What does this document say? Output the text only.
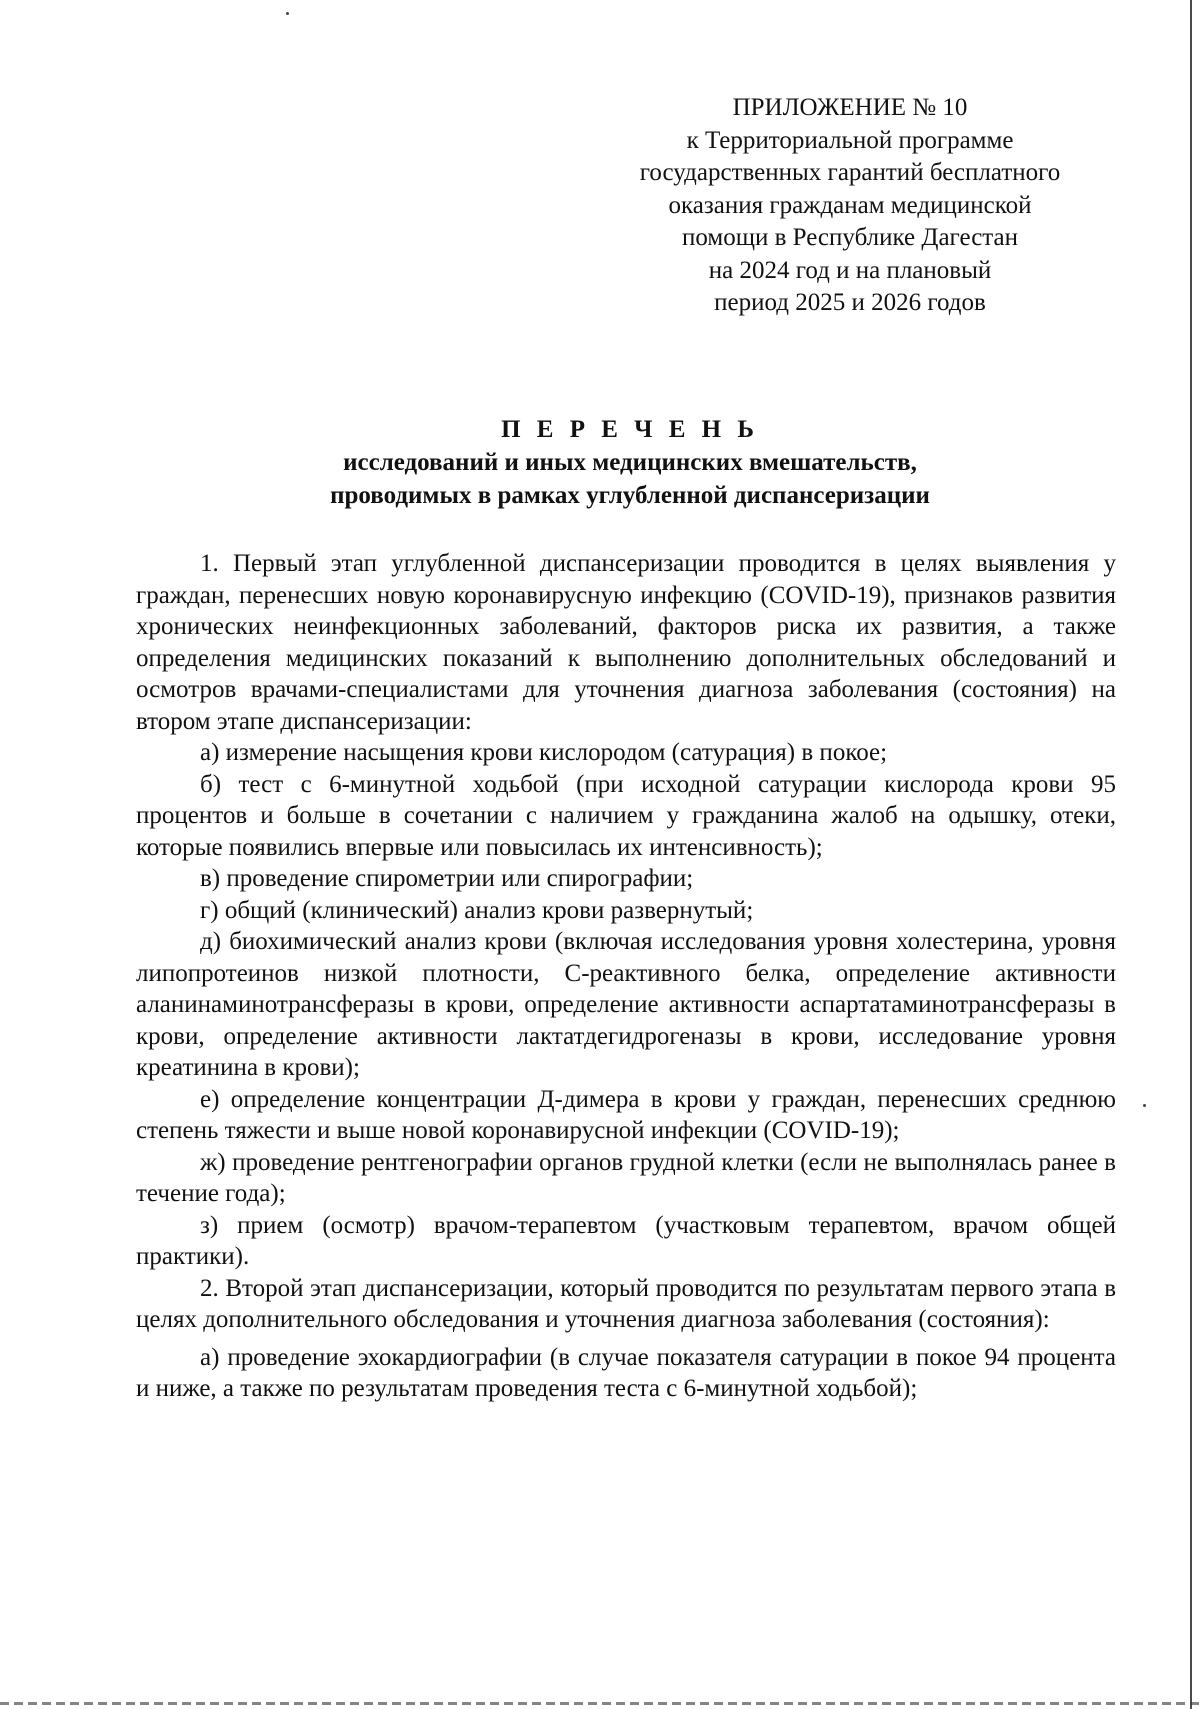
ПРИЛОЖЕНИЕ № 10
к Территориальной программе
государственных гарантий бесплатного
оказания гражданам медицинской
помощи в Республике Дагестан
на 2024 год и на плановый
период 2025 и 2026 годов
П Е Р Е Ч Е Н Ь
исследований и иных медицинских вмешательств,
проводимых в рамках углубленной диспансеризации

1. Первый этап углубленной диспансеризации проводится в целях выявления у граждан, перенесших новую коронавирусную инфекцию (COVID-19), признаков развития хронических неинфекционных заболеваний, факторов риска их развития, а также определения медицинских показаний к выполнению дополнительных обследований и осмотров врачами-специалистами для уточнения диагноза заболевания (состояния) на втором этапе диспансеризации:

а) измерение насыщения крови кислородом (сатурация) в покое;

б) тест с 6-минутной ходьбой (при исходной сатурации кислорода крови 95 процентов и больше в сочетании с наличием у гражданина жалоб на одышку, отеки, которые появились впервые или повысилась их интенсивность);

в) проведение спирометрии или спирографии;

г) общий (клинический) анализ крови развернутый;

д) биохимический анализ крови (включая исследования уровня холестерина, уровня липопротеинов низкой плотности, С-реактивного белка, определение активности аланинаминотрансферазы в крови, определение активности аспартатаминотрансферазы в крови, определение активности лактатдегидрогеназы в крови, исследование уровня креатинина в крови);

е) определение концентрации Д-димера в крови у граждан, перенесших среднюю степень тяжести и выше новой коронавирусной инфекции (COVID-19);

ж) проведение рентгенографии органов грудной клетки (если не выполнялась ранее в течение года);

з) прием (осмотр) врачом-терапевтом (участковым терапевтом, врачом общей практики).

2. Второй этап диспансеризации, который проводится по результатам первого этапа в целях дополнительного обследования и уточнения диагноза заболевания (состояния):

а) проведение эхокардиографии (в случае показателя сатурации в покое 94 процента и ниже, а также по результатам проведения теста с 6-минутной ходьбой);
